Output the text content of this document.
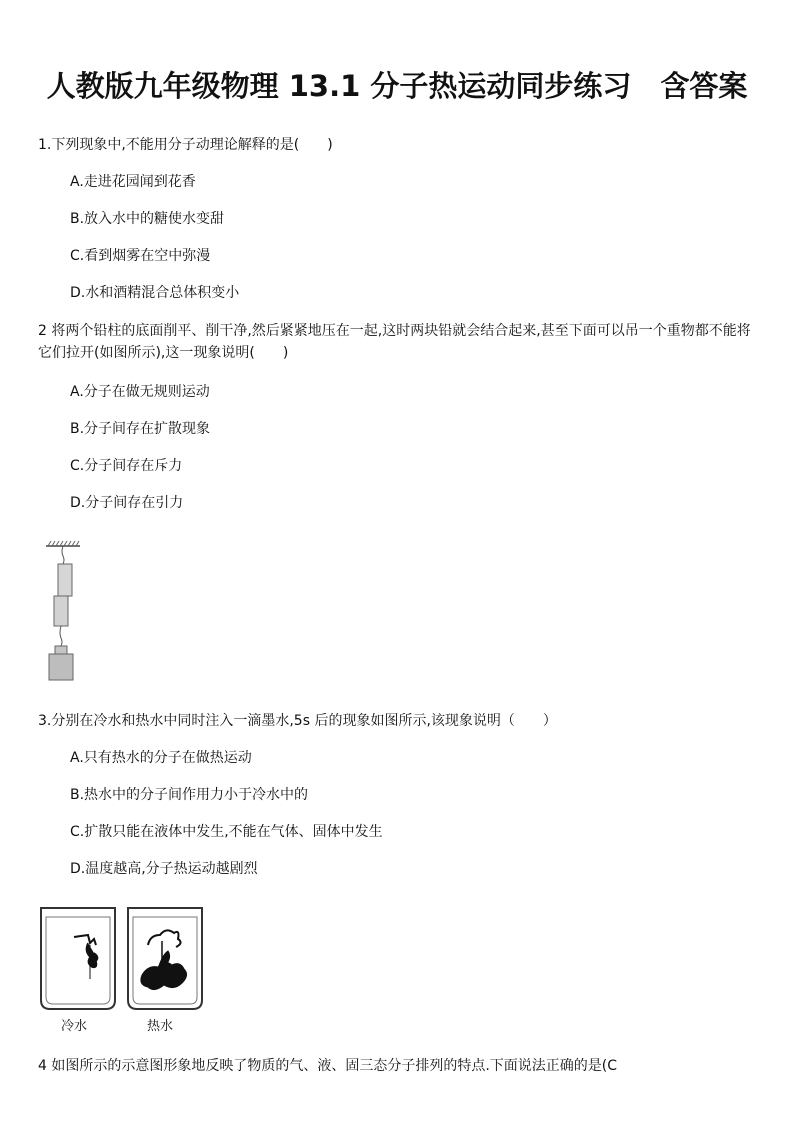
人教版九年级物理 13.1 分子热运动同步练习　含答案
1.下列现象中,不能用分子动理论解释的是(　　)
A.走进花园闻到花香
B.放入水中的糖使水变甜
C.看到烟雾在空中弥漫
D.水和酒精混合总体积变小
2 将两个铅柱的底面削平、削干净,然后紧紧地压在一起,这时两块铅就会结合起来,甚至下面可以吊一个重物都不能将它们拉开(如图所示),这一现象说明(　　)
A.分子在做无规则运动
B.分子间存在扩散现象
C.分子间存在斥力
D.分子间存在引力
3.分别在冷水和热水中同时注入一滴墨水,5s 后的现象如图所示,该现象说明（　　）
A.只有热水的分子在做热运动
B.热水中的分子间作用力小于冷水中的
C.扩散只能在液体中发生,不能在气体、固体中发生
D.温度越高,分子热运动越剧烈
冷水	热水
4 如图所示的示意图形象地反映了物质的气、液、固三态分子排列的特点.下面说法正确的是(C
